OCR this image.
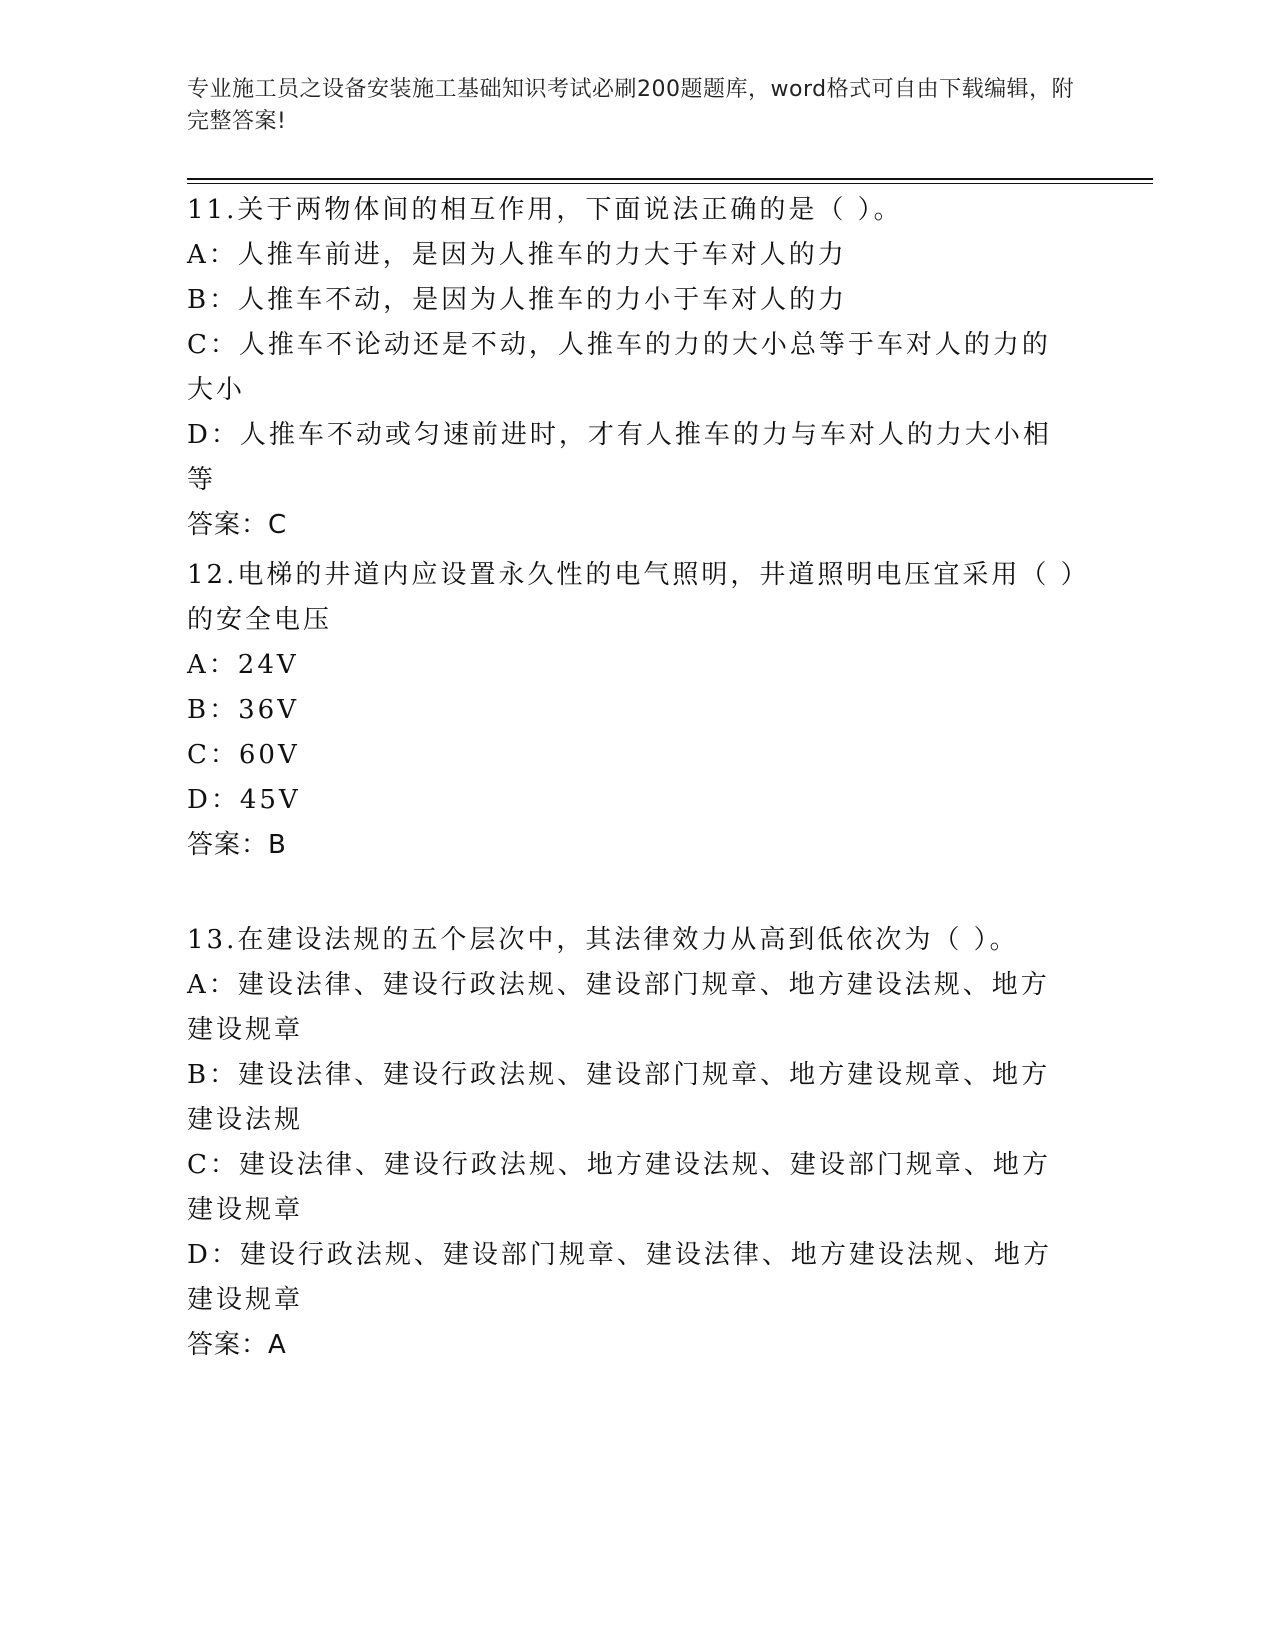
专业施工员之设备安装施工基础知识考试必刷200题题库，word格式可自由下载编辑，附完整答案!
11.关于两物体间的相互作用，下面说法正确的是（ ）。
A：人推车前进，是因为人推车的力大于车对人的力
B：人推车不动，是因为人推车的力小于车对人的力
C：人推车不论动还是不动，人推车的力的大小总等于车对人的力的大小
D：人推车不动或匀速前进时，才有人推车的力与车对人的力大小相等
答案：C
12.电梯的井道内应设置永久性的电气照明，井道照明电压宜采用（ ）的安全电压
A：24V
B：36V
C：60V
D：45V
答案：B
13.在建设法规的五个层次中，其法律效力从高到低依次为（ ）。
A：建设法律、建设行政法规、建设部门规章、地方建设法规、地方建设规章
B：建设法律、建设行政法规、建设部门规章、地方建设规章、地方建设法规
C：建设法律、建设行政法规、地方建设法规、建设部门规章、地方建设规章
D：建设行政法规、建设部门规章、建设法律、地方建设法规、地方建设规章
答案：A
